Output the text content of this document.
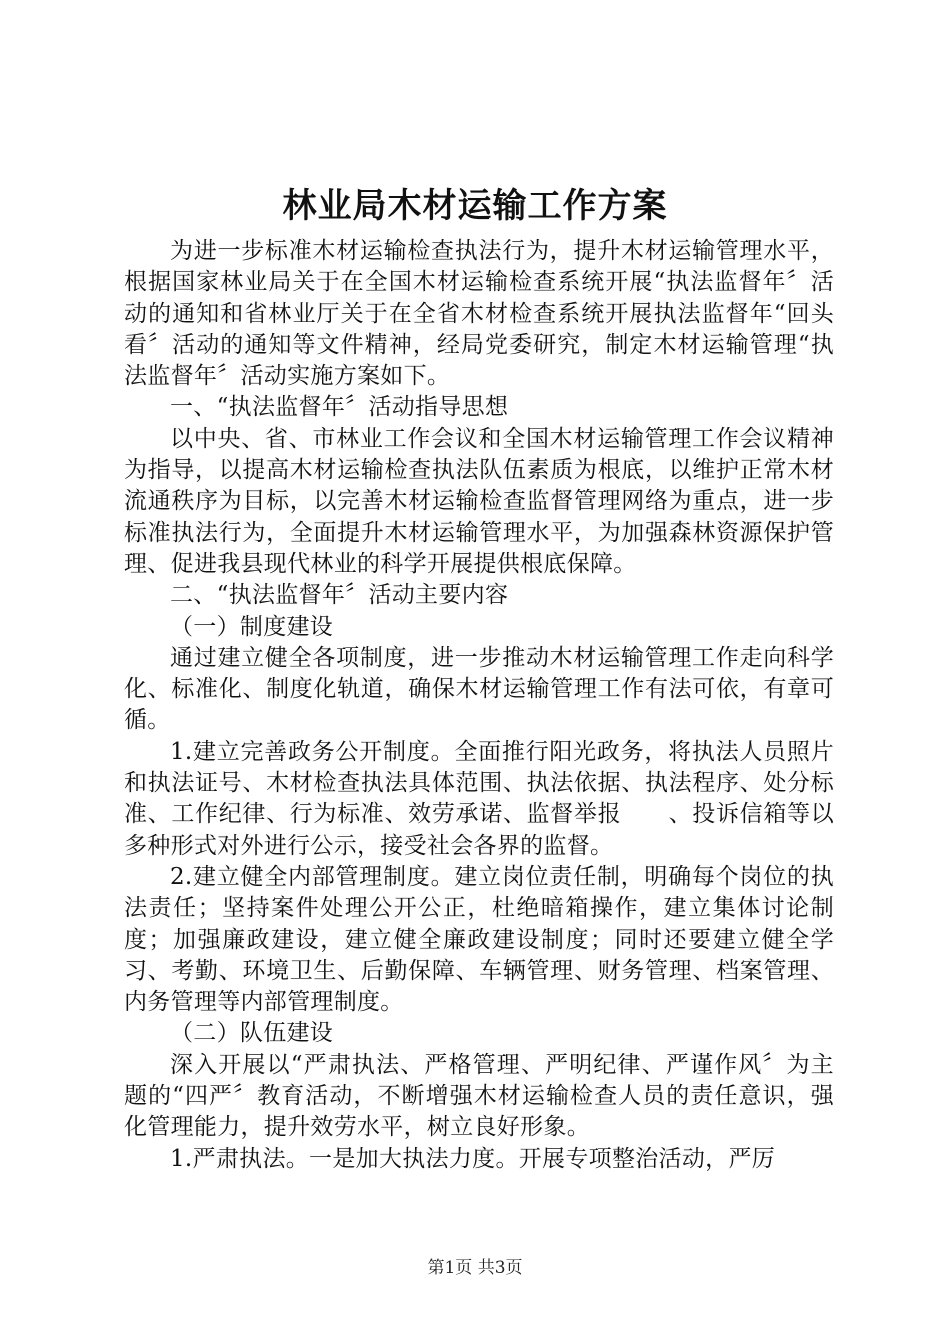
林业局木材运输工作方案

为进一步标准木材运输检查执法行为，提升木材运输管理水平，根据国家林业局关于在全国木材运输检查系统开展“执法监督年〞活动的通知和省林业厅关于在全省木材检查系统开展执法监督年“回头看〞活动的通知等文件精神，经局党委研究，制定木材运输管理“执法监督年〞活动实施方案如下。

一、“执法监督年〞活动指导思想

以中央、省、市林业工作会议和全国木材运输管理工作会议精神为指导，以提高木材运输检查执法队伍素质为根底，以维护正常木材流通秩序为目标，以完善木材运输检查监督管理网络为重点，进一步标准执法行为，全面提升木材运输管理水平，为加强森林资源保护管理、促进我县现代林业的科学开展提供根底保障。

二、“执法监督年〞活动主要内容

（一）制度建设

通过建立健全各项制度，进一步推动木材运输管理工作走向科学化、标准化、制度化轨道，确保木材运输管理工作有法可依，有章可循。

1.建立完善政务公开制度。全面推行阳光政务，将执法人员照片和执法证号、木材检查执法具体范围、执法依据、执法程序、处分标准、工作纪律、行为标准、效劳承诺、监督举报　　、投诉信箱等以多种形式对外进行公示，接受社会各界的监督。

2.建立健全内部管理制度。建立岗位责任制，明确每个岗位的执法责任；坚持案件处理公开公正，杜绝暗箱操作，建立集体讨论制度；加强廉政建设，建立健全廉政建设制度；同时还要建立健全学习、考勤、环境卫生、后勤保障、车辆管理、财务管理、档案管理、内务管理等内部管理制度。

（二）队伍建设

深入开展以“严肃执法、严格管理、严明纪律、严谨作风〞为主题的“四严〞教育活动，不断增强木材运输检查人员的责任意识，强化管理能力，提升效劳水平，树立良好形象。

1.严肃执法。一是加大执法力度。开展专项整治活动，严厉

第1页 共3页
